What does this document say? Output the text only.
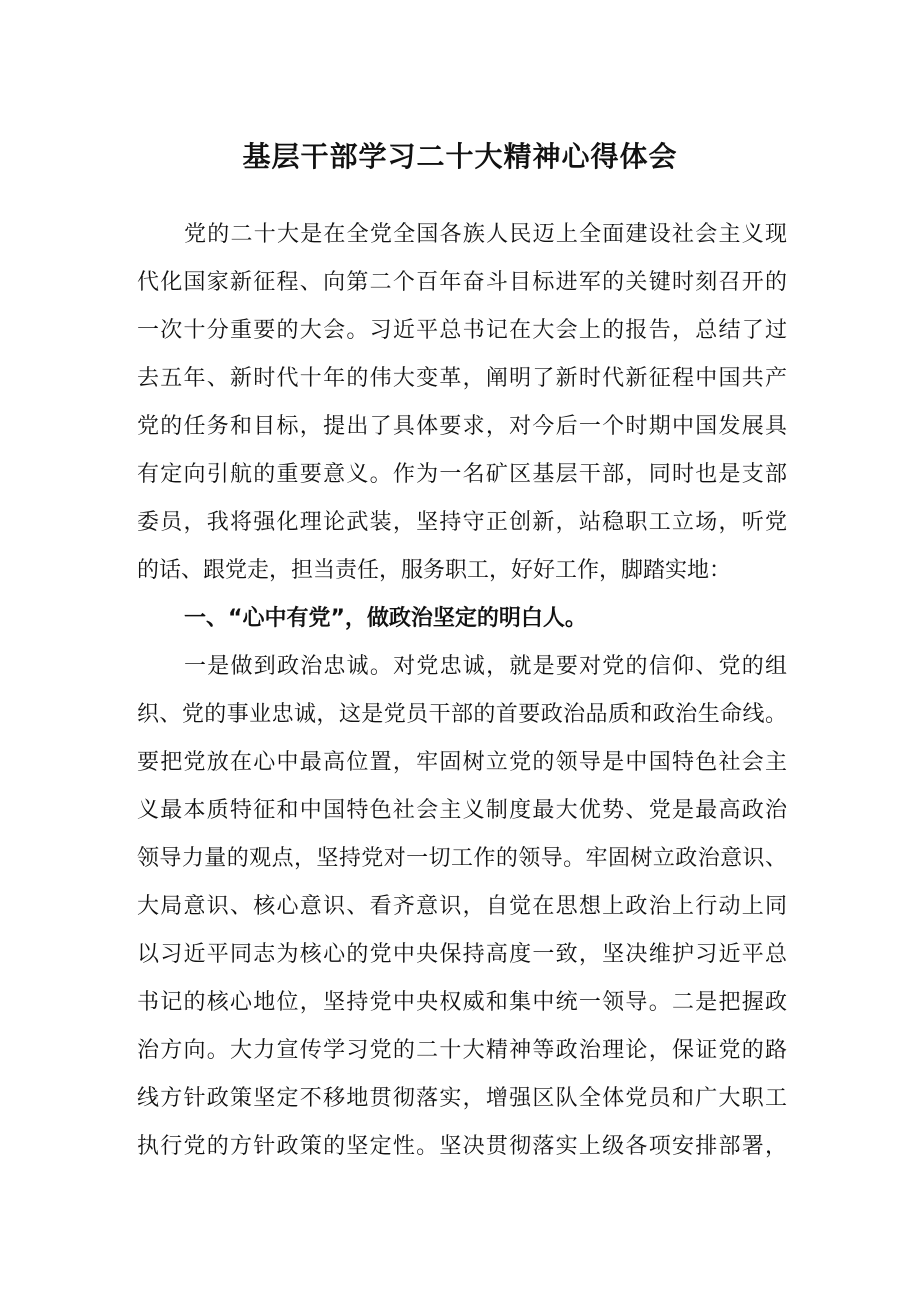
基层干部学习二十大精神心得体会
党的二十大是在全党全国各族人民迈上全面建设社会主义现
代化国家新征程、向第二个百年奋斗目标进军的关键时刻召开的
一次十分重要的大会。习近平总书记在大会上的报告，总结了过
去五年、新时代十年的伟大变革，阐明了新时代新征程中国共产
党的任务和目标，提出了具体要求，对今后一个时期中国发展具
有定向引航的重要意义。作为一名矿区基层干部，同时也是支部
委员，我将强化理论武装，坚持守正创新，站稳职工立场，听党
的话、跟党走，担当责任，服务职工，好好工作，脚踏实地：
一、“心中有党”，做政治坚定的明白人。
一是做到政治忠诚。对党忠诚，就是要对党的信仰、党的组
织、党的事业忠诚，这是党员干部的首要政治品质和政治生命线。
要把党放在心中最高位置，牢固树立党的领导是中国特色社会主
义最本质特征和中国特色社会主义制度最大优势、党是最高政治
领导力量的观点，坚持党对一切工作的领导。牢固树立政治意识、
大局意识、核心意识、看齐意识，自觉在思想上政治上行动上同
以习近平同志为核心的党中央保持高度一致，坚决维护习近平总
书记的核心地位，坚持党中央权威和集中统一领导。二是把握政
治方向。大力宣传学习党的二十大精神等政治理论，保证党的路
线方针政策坚定不移地贯彻落实，增强区队全体党员和广大职工
执行党的方针政策的坚定性。坚决贯彻落实上级各项安排部署，
